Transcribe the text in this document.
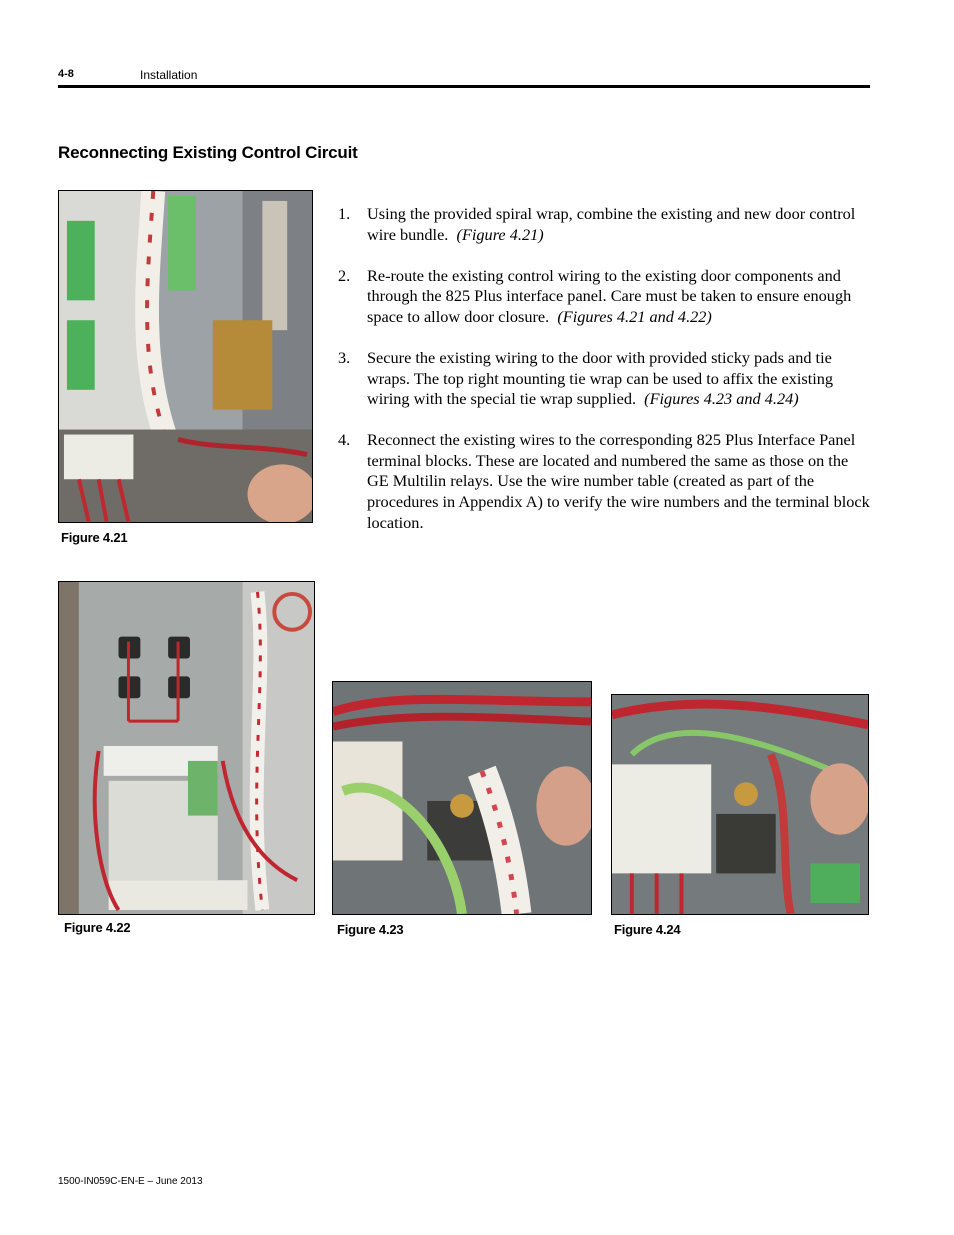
4-8	Installation
Reconnecting Existing Control Circuit
Figure 4.21
1. Using the provided spiral wrap, combine the existing and new door control wire bundle. (Figure 4.21)
2. Re-route the existing control wiring to the existing door components and through the 825 Plus interface panel. Care must be taken to ensure enough space to allow door closure. (Figures 4.21 and 4.22)
3. Secure the existing wiring to the door with provided sticky pads and tie wraps. The top right mounting tie wrap can be used to affix the existing wiring with the special tie wrap supplied. (Figures 4.23 and 4.24)
4. Reconnect the existing wires to the corresponding 825 Plus Interface Panel terminal blocks. These are located and numbered the same as those on the GE Multilin relays. Use the wire number table (created as part of the procedures in Appendix A) to verify the wire numbers and the terminal block location.
Figure 4.22	Figure 4.23	Figure 4.24
1500-IN059C-EN-E – June 2013
